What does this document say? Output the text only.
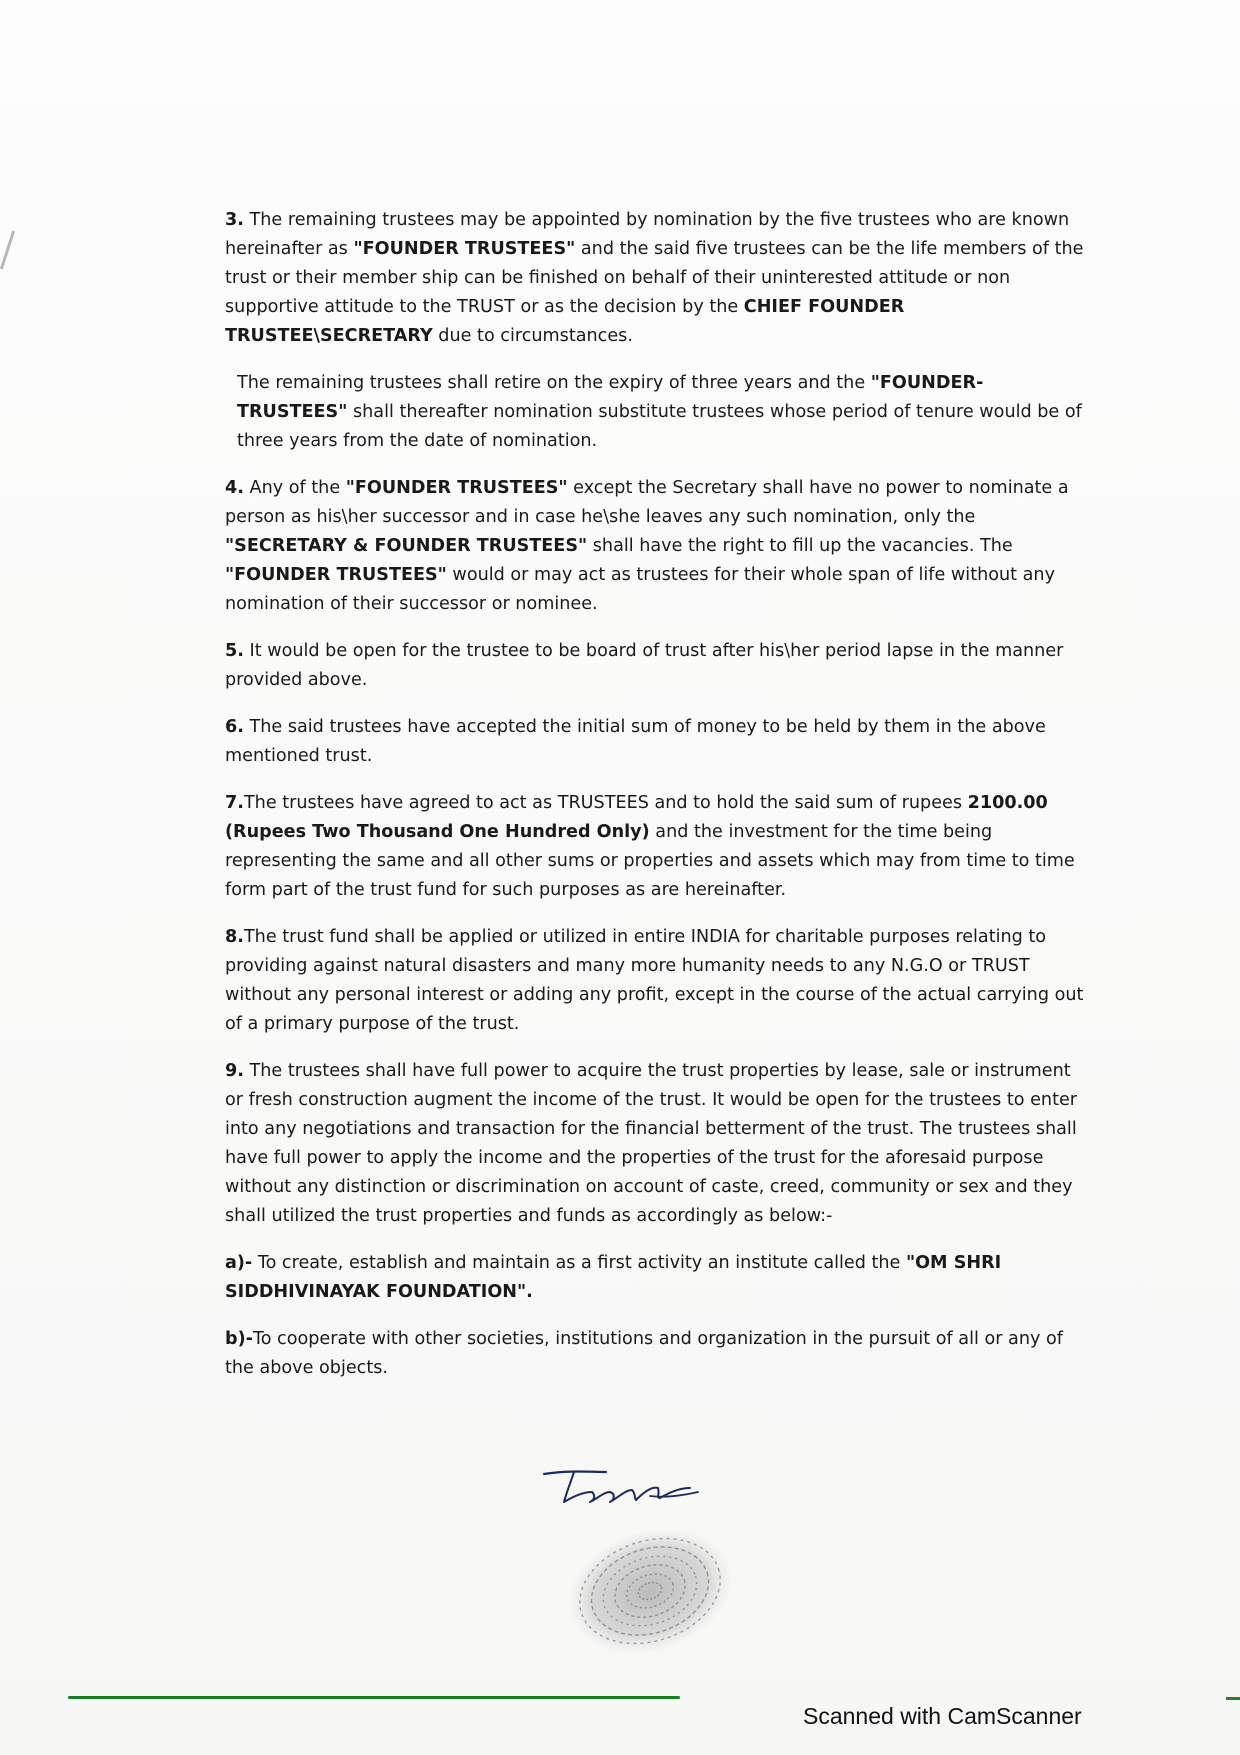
3. The remaining trustees may be appointed by nomination by the five trustees who are known hereinafter as "FOUNDER TRUSTEES" and the said five trustees can be the life members of the trust or their member ship can be finished on behalf of their uninterested attitude or non supportive attitude to the TRUST or as the decision by the CHIEF FOUNDER TRUSTEE\SECRETARY due to circumstances.

The remaining trustees shall retire on the expiry of three years and the "FOUNDER-TRUSTEES" shall thereafter nomination substitute trustees whose period of tenure would be of three years from the date of nomination.

4. Any of the "FOUNDER TRUSTEES" except the Secretary shall have no power to nominate a person as his\her successor and in case he\she leaves any such nomination, only the "SECRETARY & FOUNDER TRUSTEES" shall have the right to fill up the vacancies. The "FOUNDER TRUSTEES" would or may act as trustees for their whole span of life without any nomination of their successor or nominee.

5. It would be open for the trustee to be board of trust after his\her period lapse in the manner provided above.

6. The said trustees have accepted the initial sum of money to be held by them in the above mentioned trust.

7.The trustees have agreed to act as TRUSTEES and to hold the said sum of rupees 2100.00 (Rupees Two Thousand One Hundred Only) and the investment for the time being representing the same and all other sums or properties and assets which may from time to time form part of the trust fund for such purposes as are hereinafter.

8.The trust fund shall be applied or utilized in entire INDIA for charitable purposes relating to providing against natural disasters and many more humanity needs to any N.G.O or TRUST without any personal interest or adding any profit, except in the course of the actual carrying out of a primary purpose of the trust.

9. The trustees shall have full power to acquire the trust properties by lease, sale or instrument or fresh construction augment the income of the trust. It would be open for the trustees to enter into any negotiations and transaction for the financial betterment of the trust. The trustees shall have full power to apply the income and the properties of the trust for the aforesaid purpose without any distinction or discrimination on account of caste, creed, community or sex and they shall utilized the trust properties and funds as accordingly as below:-

a)- To create, establish and maintain as a first activity an institute called the "OM SHRI SIDDHIVINAYAK FOUNDATION".

b)-To cooperate with other societies, institutions and organization in the pursuit of all or any of the above objects.

Scanned with CamScanner
